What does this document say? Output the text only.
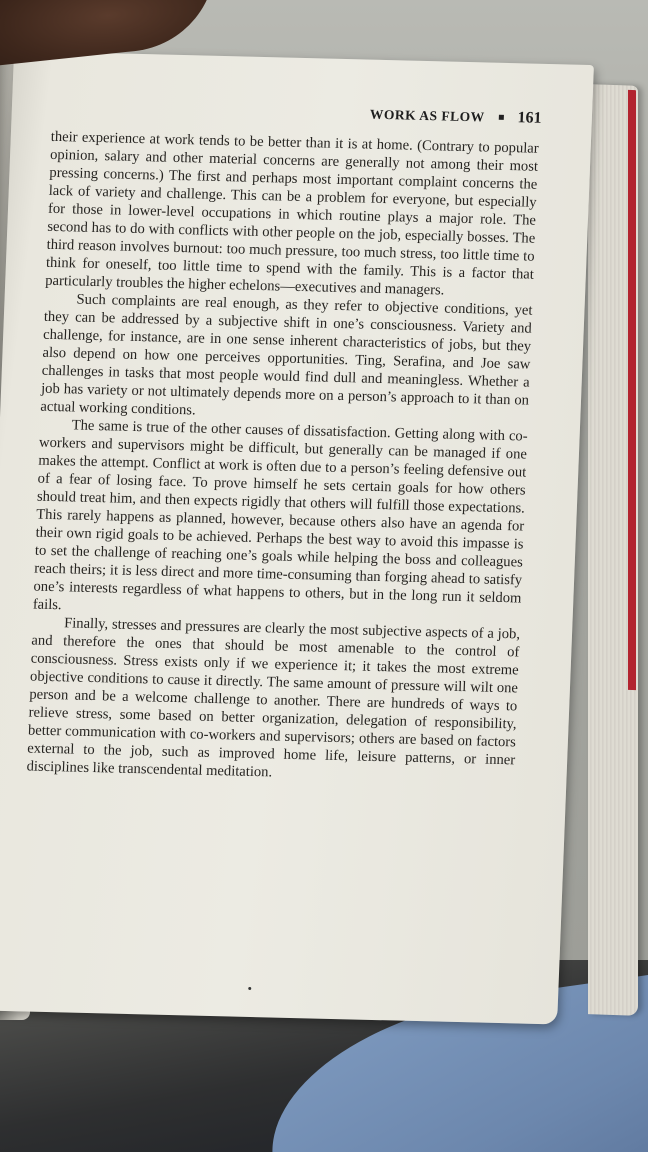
WORK AS FLOW 161

their experience at work tends to be better than it is at home. (Contrary to popular opinion, salary and other material concerns are generally not among their most pressing concerns.) The first and perhaps most important complaint concerns the lack of variety and challenge. This can be a problem for everyone, but especially for those in lower-level occupations in which routine plays a major role. The second has to do with conflicts with other people on the job, especially bosses. The third reason involves burnout: too much pressure, too much stress, too little time to think for oneself, too little time to spend with the family. This is a factor that particularly troubles the higher echelons—executives and managers.

Such complaints are real enough, as they refer to objective conditions, yet they can be addressed by a subjective shift in one’s consciousness. Variety and challenge, for instance, are in one sense inherent characteristics of jobs, but they also depend on how one perceives opportunities. Ting, Serafina, and Joe saw challenges in tasks that most people would find dull and meaningless. Whether a job has variety or not ultimately depends more on a person’s approach to it than on actual working conditions.

The same is true of the other causes of dissatisfaction. Getting along with co-workers and supervisors might be difficult, but generally can be managed if one makes the attempt. Conflict at work is often due to a person’s feeling defensive out of a fear of losing face. To prove himself he sets certain goals for how others should treat him, and then expects rigidly that others will fulfill those expectations. This rarely happens as planned, however, because others also have an agenda for their own rigid goals to be achieved. Perhaps the best way to avoid this impasse is to set the challenge of reaching one’s goals while helping the boss and colleagues reach theirs; it is less direct and more time-consuming than forging ahead to satisfy one’s interests regardless of what happens to others, but in the long run it seldom fails.

Finally, stresses and pressures are clearly the most subjective aspects of a job, and therefore the ones that should be most amenable to the control of consciousness. Stress exists only if we experience it; it takes the most extreme objective conditions to cause it directly. The same amount of pressure will wilt one person and be a welcome challenge to another. There are hundreds of ways to relieve stress, some based on better organization, delegation of responsibility, better communication with co-workers and supervisors; others are based on factors external to the job, such as improved home life, leisure patterns, or inner disciplines like transcendental meditation.
